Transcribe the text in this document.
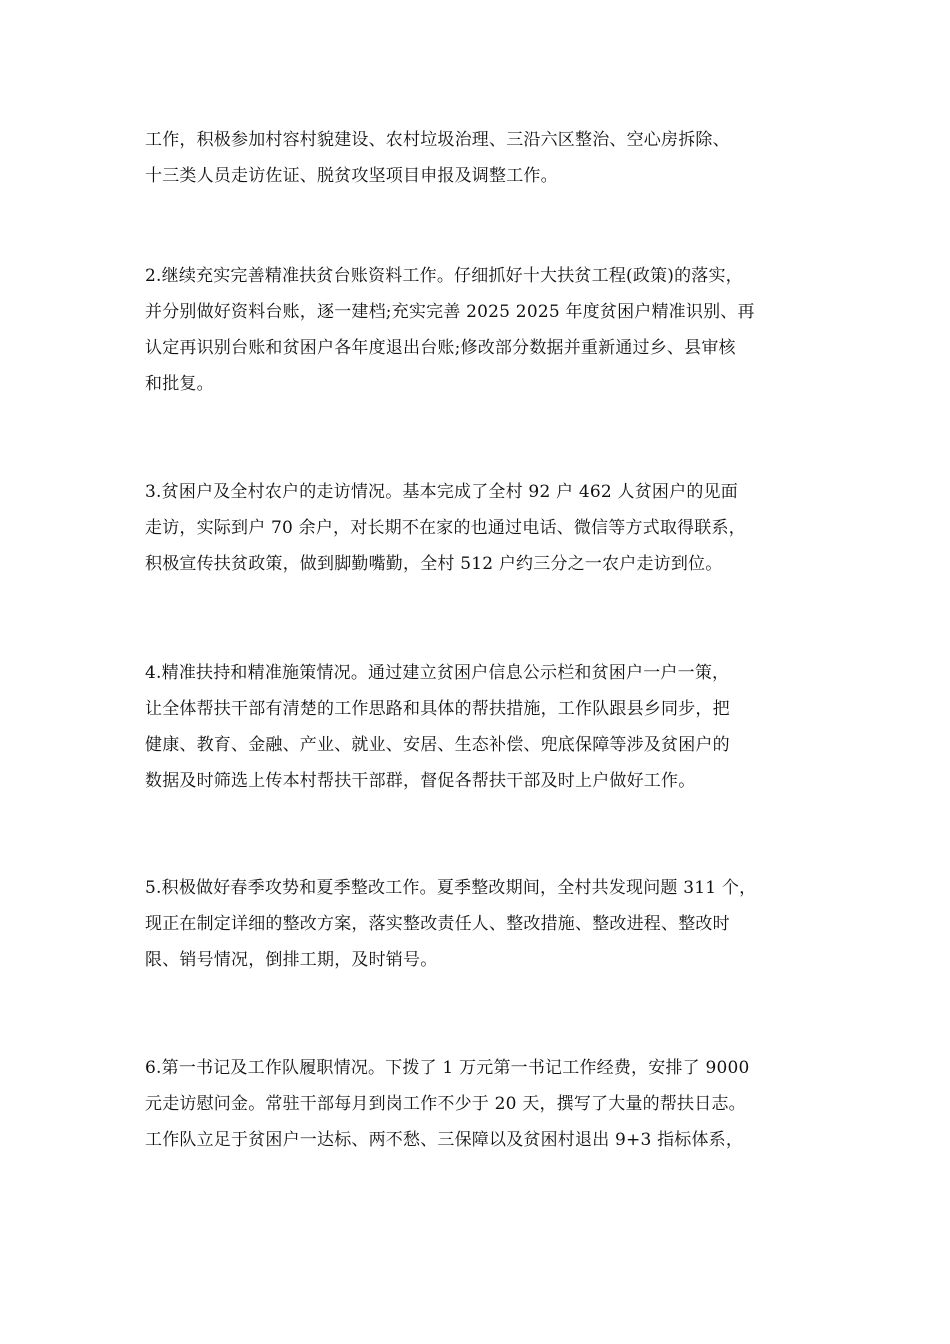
工作，积极参加村容村貌建设、农村垃圾治理、三沿六区整治、空心房拆除、
十三类人员走访佐证、脱贫攻坚项目申报及调整工作。
2.继续充实完善精准扶贫台账资料工作。仔细抓好十大扶贫工程(政策)的落实，
并分别做好资料台账，逐一建档;充实完善 2025 2025 年度贫困户精准识别、再
认定再识别台账和贫困户各年度退出台账;修改部分数据并重新通过乡、县审核
和批复。
3.贫困户及全村农户的走访情况。基本完成了全村 92 户 462 人贫困户的见面
走访，实际到户 70 余户，对长期不在家的也通过电话、微信等方式取得联系，
积极宣传扶贫政策，做到脚勤嘴勤，全村 512 户约三分之一农户走访到位。
4.精准扶持和精准施策情况。通过建立贫困户信息公示栏和贫困户一户一策，
让全体帮扶干部有清楚的工作思路和具体的帮扶措施，工作队跟县乡同步，把
健康、教育、金融、产业、就业、安居、生态补偿、兜底保障等涉及贫困户的
数据及时筛选上传本村帮扶干部群，督促各帮扶干部及时上户做好工作。
5.积极做好春季攻势和夏季整改工作。夏季整改期间，全村共发现问题 311 个，
现正在制定详细的整改方案，落实整改责任人、整改措施、整改进程、整改时
限、销号情况，倒排工期，及时销号。
6.第一书记及工作队履职情况。下拨了 1 万元第一书记工作经费，安排了 9000
元走访慰问金。常驻干部每月到岗工作不少于 20 天，撰写了大量的帮扶日志。
工作队立足于贫困户一达标、两不愁、三保障以及贫困村退出 9+3 指标体系，
